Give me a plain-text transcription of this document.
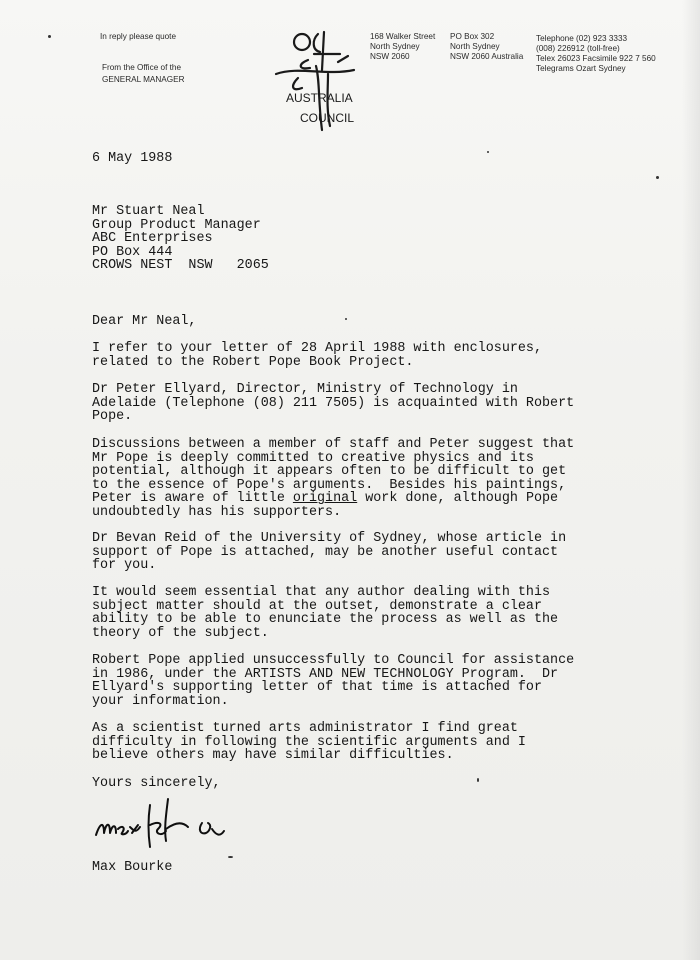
In reply please quote
From the Office of the
GENERAL MANAGER
AUSTRALIA
COUNCIL
168 Walker Street
North Sydney
NSW 2060
PO Box 302
North Sydney
NSW 2060 Australia
Telephone (02) 923 3333
(008) 226912 (toll-free)
Telex 26023 Facsimile 922 7 560
Telegrams Ozart Sydney
6 May 1988
Mr Stuart Neal
Group Product Manager
ABC Enterprises
PO Box 444
CROWS NEST  NSW   2065
Dear Mr Neal,
I refer to your letter of 28 April 1988 with enclosures,
related to the Robert Pope Book Project.
Dr Peter Ellyard, Director, Ministry of Technology in
Adelaide (Telephone (08) 211 7505) is acquainted with Robert
Pope.
Discussions between a member of staff and Peter suggest that
Mr Pope is deeply committed to creative physics and its
potential, although it appears often to be difficult to get
to the essence of Pope's arguments.  Besides his paintings,
Peter is aware of little original work done, although Pope
undoubtedly has his supporters.
Dr Bevan Reid of the University of Sydney, whose article in
support of Pope is attached, may be another useful contact
for you.
It would seem essential that any author dealing with this
subject matter should at the outset, demonstrate a clear
ability to be able to enunciate the process as well as the
theory of the subject.
Robert Pope applied unsuccessfully to Council for assistance
in 1986, under the ARTISTS AND NEW TECHNOLOGY Program.  Dr
Ellyard's supporting letter of that time is attached for
your information.
As a scientist turned arts administrator I find great
difficulty in following the scientific arguments and I
believe others may have similar difficulties.
Yours sincerely,
Max Bourke
